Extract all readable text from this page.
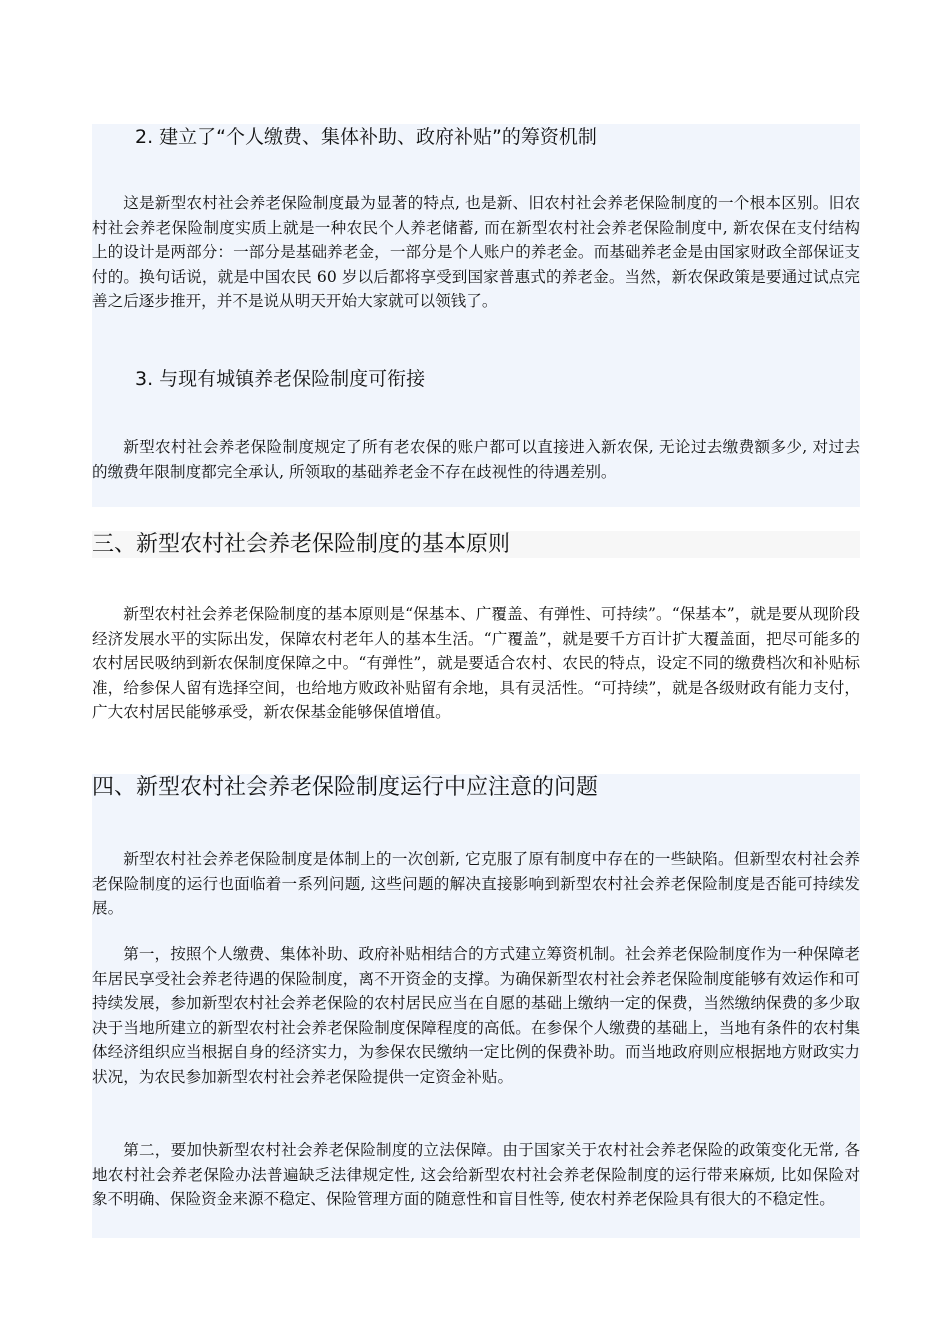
2. 建立了“个人缴费、集体补助、政府补贴”的筹资机制

这是新型农村社会养老保险制度最为显著的特点, 也是新、旧农村社会养老保险制度的一个根本区别。旧农村社会养老保险制度实质上就是一种农民个人养老储蓄, 而在新型农村社会养老保险制度中, 新农保在支付结构上的设计是两部分：一部分是基础养老金，一部分是个人账户的养老金。而基础养老金是由国家财政全部保证支付的。换句话说，就是中国农民 60 岁以后都将享受到国家普惠式的养老金。当然，新农保政策是要通过试点完善之后逐步推开，并不是说从明天开始大家就可以领钱了。

3. 与现有城镇养老保险制度可衔接

新型农村社会养老保险制度规定了所有老农保的账户都可以直接进入新农保, 无论过去缴费额多少, 对过去的缴费年限制度都完全承认, 所领取的基础养老金不存在歧视性的待遇差别。

三、新型农村社会养老保险制度的基本原则

新型农村社会养老保险制度的基本原则是“保基本、广覆盖、有弹性、可持续”。“保基本”，就是要从现阶段经济发展水平的实际出发，保障农村老年人的基本生活。“广覆盖”，就是要千方百计扩大覆盖面，把尽可能多的农村居民吸纳到新农保制度保障之中。“有弹性”，就是要适合农村、农民的特点，设定不同的缴费档次和补贴标准，给参保人留有选择空间，也给地方败政补贴留有余地，具有灵活性。“可持续”，就是各级财政有能力支付，广大农村居民能够承受，新农保基金能够保值增值。

四、新型农村社会养老保险制度运行中应注意的问题

新型农村社会养老保险制度是体制上的一次创新, 它克服了原有制度中存在的一些缺陷。但新型农村社会养老保险制度的运行也面临着一系列问题, 这些问题的解决直接影响到新型农村社会养老保险制度是否能可持续发展。

第一，按照个人缴费、集体补助、政府补贴相结合的方式建立筹资机制。社会养老保险制度作为一种保障老年居民享受社会养老待遇的保险制度，离不开资金的支撑。为确保新型农村社会养老保险制度能够有效运作和可持续发展，参加新型农村社会养老保险的农村居民应当在自愿的基础上缴纳一定的保费，当然缴纳保费的多少取决于当地所建立的新型农村社会养老保险制度保障程度的高低。在参保个人缴费的基础上，当地有条件的农村集体经济组织应当根据自身的经济实力，为参保农民缴纳一定比例的保费补助。而当地政府则应根据地方财政实力状况，为农民参加新型农村社会养老保险提供一定资金补贴。

第二，要加快新型农村社会养老保险制度的立法保障。由于国家关于农村社会养老保险的政策变化无常, 各地农村社会养老保险办法普遍缺乏法律规定性, 这会给新型农村社会养老保险制度的运行带来麻烦, 比如保险对象不明确、保险资金来源不稳定、保险管理方面的随意性和盲目性等, 使农村养老保险具有很大的不稳定性。
